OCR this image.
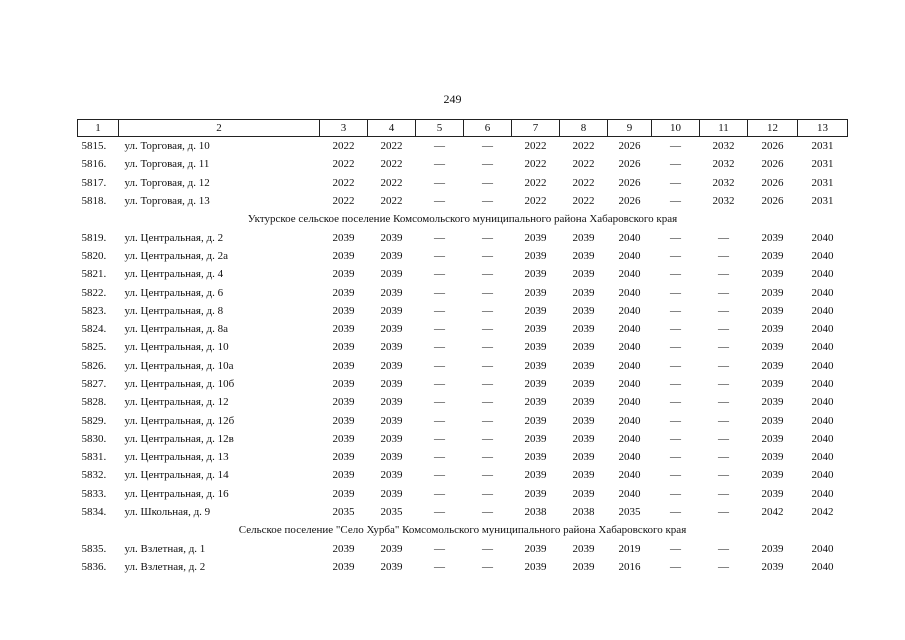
249
1	2	3	4	5	6	7	8	9	10	11	12	13
5815.	ул. Торговая, д. 10	2022	2022	—	—	2022	2022	2026	—	2032	2026	2031
5816.	ул. Торговая, д. 11	2022	2022	—	—	2022	2022	2026	—	2032	2026	2031
5817.	ул. Торговая, д. 12	2022	2022	—	—	2022	2022	2026	—	2032	2026	2031
5818.	ул. Торговая, д. 13	2022	2022	—	—	2022	2022	2026	—	2032	2026	2031
Уктурское сельское поселение Комсомольского муниципального района Хабаровского края												
5819.	ул. Центральная, д. 2	2039	2039	—	—	2039	2039	2040	—	—	2039	2040
5820.	ул. Центральная, д. 2а	2039	2039	—	—	2039	2039	2040	—	—	2039	2040
5821.	ул. Центральная, д. 4	2039	2039	—	—	2039	2039	2040	—	—	2039	2040
5822.	ул. Центральная, д. 6	2039	2039	—	—	2039	2039	2040	—	—	2039	2040
5823.	ул. Центральная, д. 8	2039	2039	—	—	2039	2039	2040	—	—	2039	2040
5824.	ул. Центральная, д. 8а	2039	2039	—	—	2039	2039	2040	—	—	2039	2040
5825.	ул. Центральная, д. 10	2039	2039	—	—	2039	2039	2040	—	—	2039	2040
5826.	ул. Центральная, д. 10а	2039	2039	—	—	2039	2039	2040	—	—	2039	2040
5827.	ул. Центральная, д. 10б	2039	2039	—	—	2039	2039	2040	—	—	2039	2040
5828.	ул. Центральная, д. 12	2039	2039	—	—	2039	2039	2040	—	—	2039	2040
5829.	ул. Центральная, д. 12б	2039	2039	—	—	2039	2039	2040	—	—	2039	2040
5830.	ул. Центральная, д. 12в	2039	2039	—	—	2039	2039	2040	—	—	2039	2040
5831.	ул. Центральная, д. 13	2039	2039	—	—	2039	2039	2040	—	—	2039	2040
5832.	ул. Центральная, д. 14	2039	2039	—	—	2039	2039	2040	—	—	2039	2040
5833.	ул. Центральная, д. 16	2039	2039	—	—	2039	2039	2040	—	—	2039	2040
5834.	ул. Школьная, д. 9	2035	2035	—	—	2038	2038	2035	—	—	2042	2042
Сельское поселение "Село Хурба" Комсомольского муниципального района Хабаровского края												
5835.	ул. Взлетная, д. 1	2039	2039	—	—	2039	2039	2019	—	—	2039	2040
5836.	ул. Взлетная, д. 2	2039	2039	—	—	2039	2039	2016	—	—	2039	2040
